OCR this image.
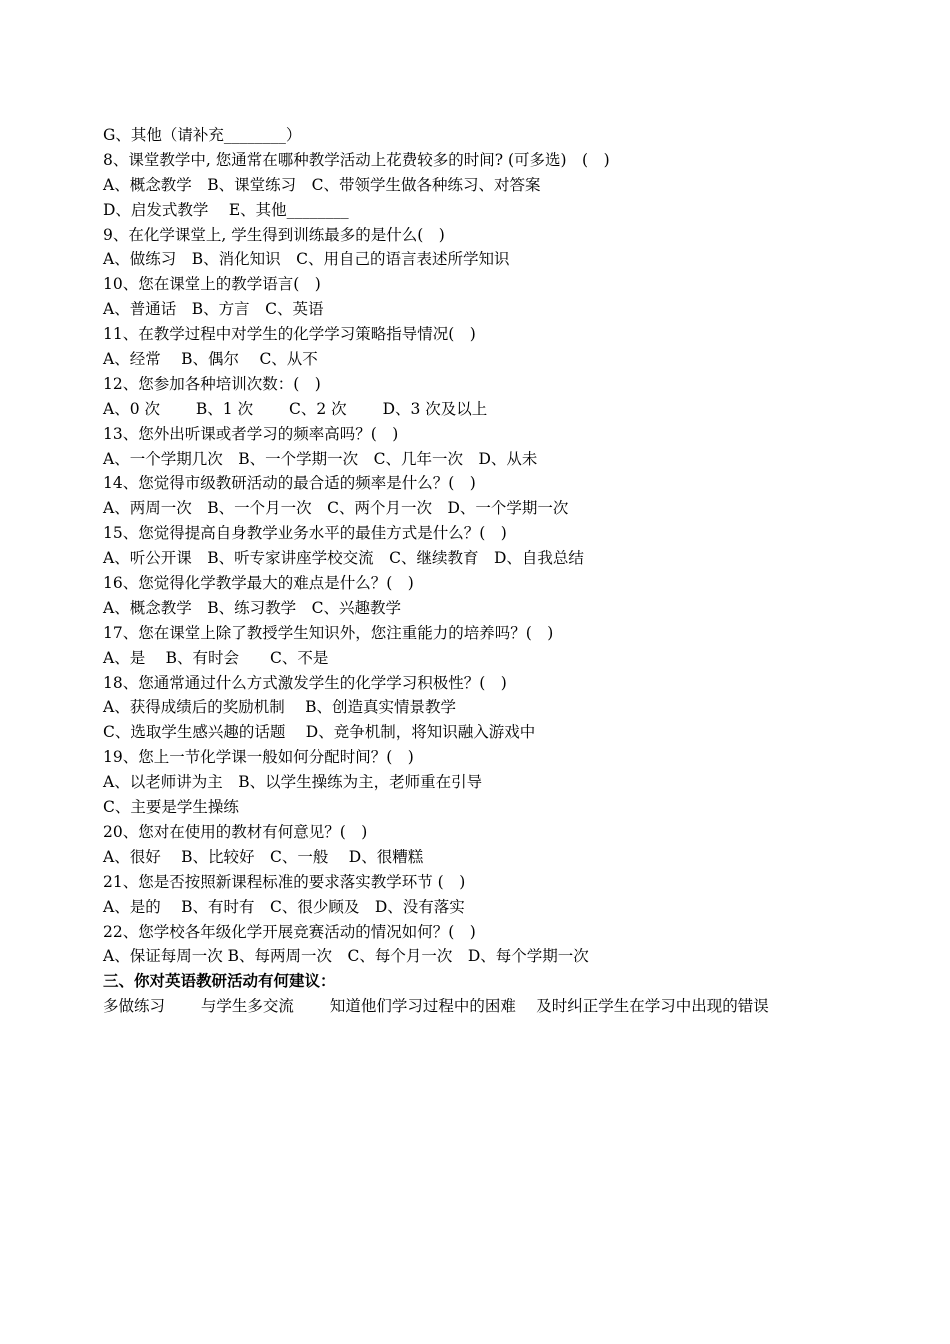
G、其他（请补充________）
8、课堂教学中, 您通常在哪种教学活动上花费较多的时间? (可多选)　(　)
A、概念教学　B、课堂练习　C、带领学生做各种练习、对答案
D、启发式教学　 E、其他________
9、在化学课堂上, 学生得到训练最多的是什么(　)
A、做练习　B、消化知识　C、用自己的语言表述所学知识
10、您在课堂上的教学语言(　)
A、普通话　B、方言　C、英语
11、在教学过程中对学生的化学学习策略指导情况(　)
A、经常　 B、偶尔　 C、从不
12、您参加各种培训次数：(　)
A、0 次　　 B、1 次　　 C、2 次　　 D、3 次及以上
13、您外出听课或者学习的频率高吗？(　)
A、一个学期几次　B、一个学期一次　C、几年一次　D、从未
14、您觉得市级教研活动的最合适的频率是什么？(　)
A、两周一次　B、一个月一次　C、两个月一次　D、一个学期一次
15、您觉得提高自身教学业务水平的最佳方式是什么？(　)
A、听公开课　B、听专家讲座学校交流　C、继续教育　D、自我总结
16、您觉得化学教学最大的难点是什么？(　)
A、概念教学　B、练习教学　C、兴趣教学
17、您在课堂上除了教授学生知识外，您注重能力的培养吗？(　)
A、是　 B、有时会　　C、不是
18、您通常通过什么方式激发学生的化学学习积极性？(　)
A、获得成绩后的奖励机制　 B、创造真实情景教学
C、选取学生感兴趣的话题　 D、竞争机制，将知识融入游戏中
19、您上一节化学课一般如何分配时间？(　)
A、以老师讲为主　B、以学生操练为主，老师重在引导
C、主要是学生操练
20、您对在使用的教材有何意见？(　)
A、很好　 B、比较好　C、一般　 D、很糟糕
21、您是否按照新课程标准的要求落实教学环节 (　)
A、是的　 B、有时有　C、很少顾及　D、没有落实
22、您学校各年级化学开展竞赛活动的情况如何？(　)
A、保证每周一次 B、每两周一次　C、每个月一次　D、每个学期一次
三、你对英语教研活动有何建议：
多做练习　　 与学生多交流　　 知道他们学习过程中的困难　 及时纠正学生在学习中出现的错误
